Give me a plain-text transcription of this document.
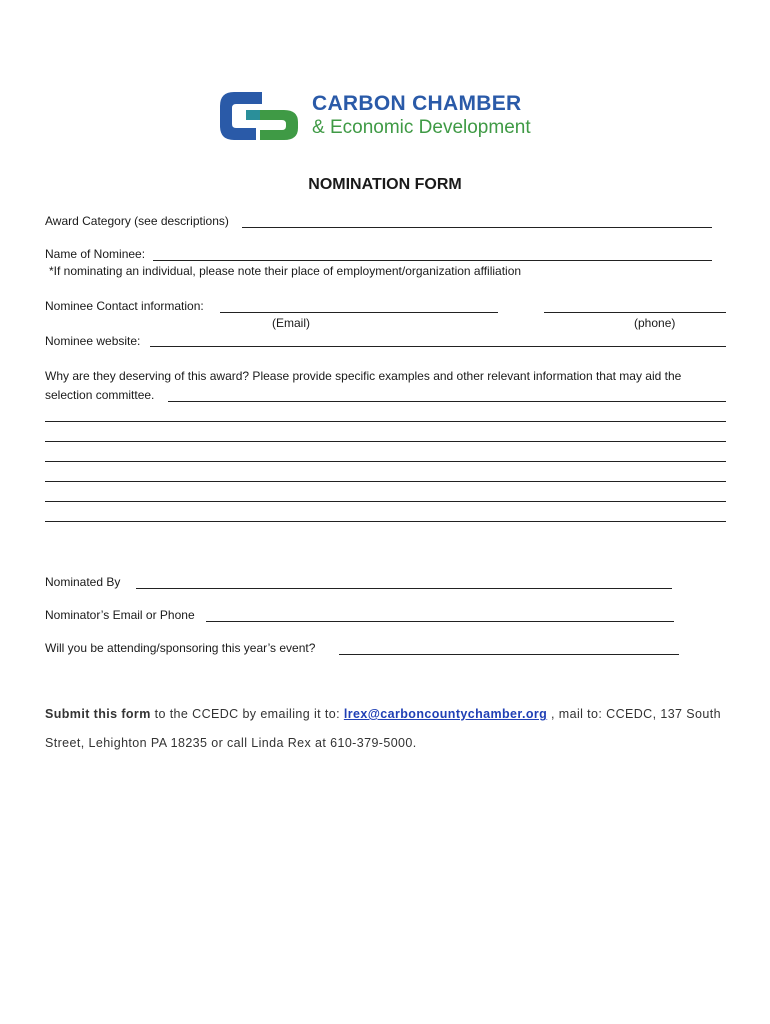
CARBON CHAMBER
& Economic Development
NOMINATION FORM
Award Category (see descriptions)
Name of Nominee:
*If nominating an individual, please note their place of employment/organization affiliation
Nominee Contact information:
(Email)	(phone)
Nominee website:
Why are they deserving of this award? Please provide specific examples and other relevant information that may aid the
selection committee.
Nominated By
Nominator’s Email or Phone
Will you be attending/sponsoring this year’s event?
Submit this form to the CCEDC by emailing it to: lrex@carboncountychamber.org , mail to: CCEDC, 137 South
Street, Lehighton PA 18235 or call Linda Rex at 610-379-5000.
